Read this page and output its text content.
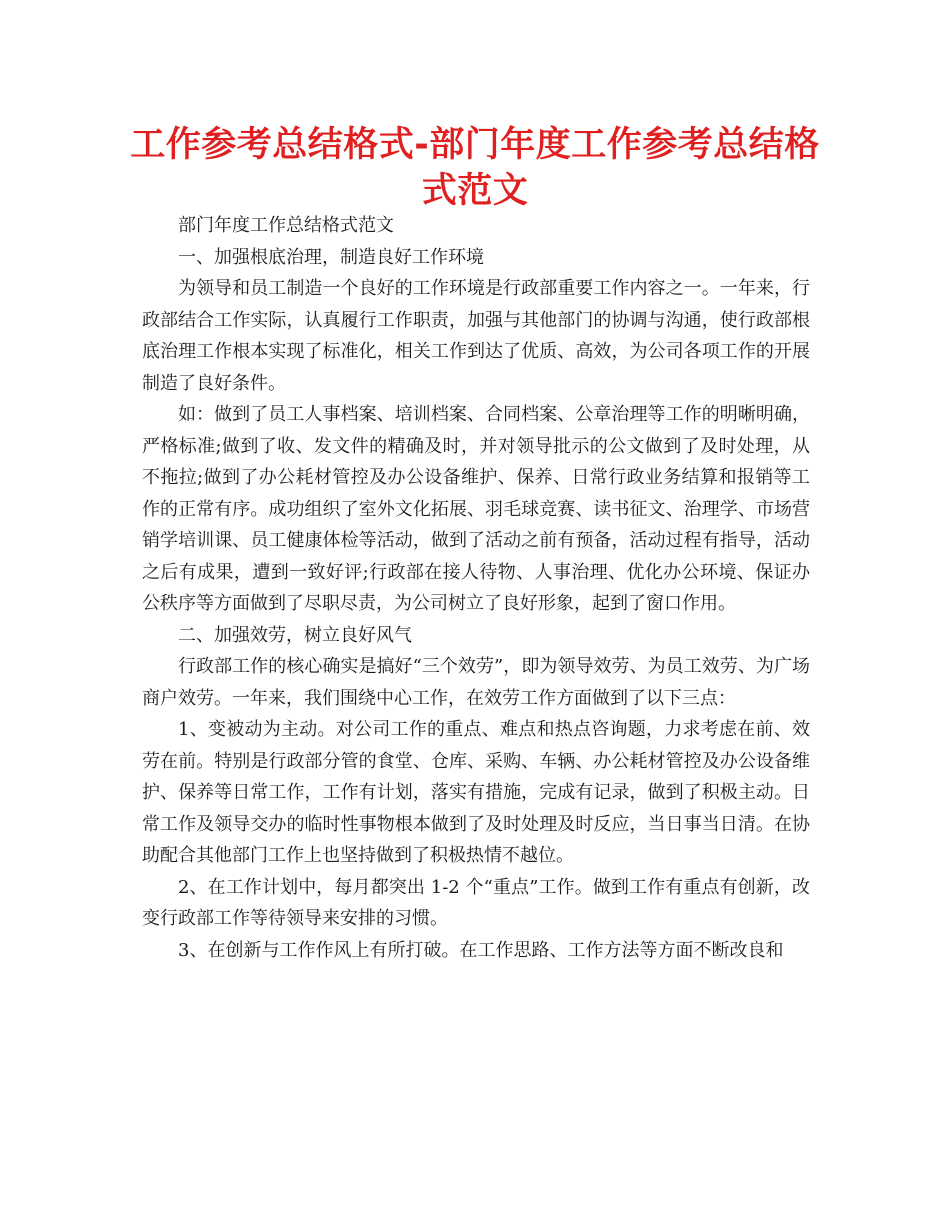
工作参考总结格式-部门年度工作参考总结格式范文

部门年度工作总结格式范文

一、加强根底治理，制造良好工作环境

为领导和员工制造一个良好的工作环境是行政部重要工作内容之一。一年来，行政部结合工作实际，认真履行工作职责，加强与其他部门的协调与沟通，使行政部根底治理工作根本实现了标准化，相关工作到达了优质、高效，为公司各项工作的开展制造了良好条件。

如：做到了员工人事档案、培训档案、合同档案、公章治理等工作的明晰明确，严格标准;做到了收、发文件的精确及时，并对领导批示的公文做到了及时处理，从不拖拉;做到了办公耗材管控及办公设备维护、保养、日常行政业务结算和报销等工作的正常有序。成功组织了室外文化拓展、羽毛球竞赛、读书征文、治理学、市场营销学培训课、员工健康体检等活动，做到了活动之前有预备，活动过程有指导，活动之后有成果，遭到一致好评;行政部在接人待物、人事治理、优化办公环境、保证办公秩序等方面做到了尽职尽责，为公司树立了良好形象，起到了窗口作用。

二、加强效劳，树立良好风气

行政部工作的核心确实是搞好“三个效劳”，即为领导效劳、为员工效劳、为广场商户效劳。一年来，我们围绕中心工作，在效劳工作方面做到了以下三点：

1、变被动为主动。对公司工作的重点、难点和热点咨询题，力求考虑在前、效劳在前。特别是行政部分管的食堂、仓库、采购、车辆、办公耗材管控及办公设备维护、保养等日常工作，工作有计划，落实有措施，完成有记录，做到了积极主动。日常工作及领导交办的临时性事物根本做到了及时处理及时反应，当日事当日清。在协助配合其他部门工作上也坚持做到了积极热情不越位。

2、在工作计划中，每月都突出 1-2 个“重点”工作。做到工作有重点有创新，改变行政部工作等待领导来安排的习惯。

3、在创新与工作作风上有所打破。在工作思路、工作方法等方面不断改良和
